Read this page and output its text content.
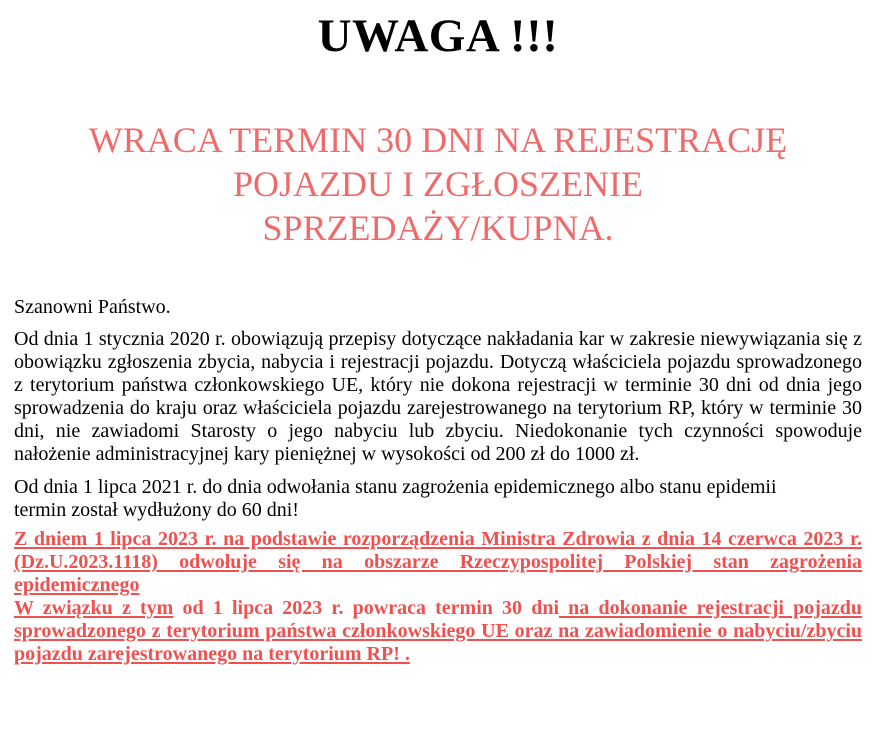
UWAGA !!!
WRACA TERMIN 30 DNI NA REJESTRACJĘ
POJAZDU I ZGŁOSZENIE
SPRZEDAŻY/KUPNA.

Szanowni Państwo.

Od dnia 1 stycznia 2020 r. obowiązują przepisy dotyczące nakładania kar w zakresie niewywiązania się z obowiązku zgłoszenia zbycia, nabycia i rejestracji pojazdu. Dotyczą właściciela pojazdu sprowadzonego z terytorium państwa członkowskiego UE, który nie dokona rejestracji w terminie 30 dni od dnia jego sprowadzenia do kraju oraz właściciela pojazdu zarejestrowanego na terytorium RP, który w terminie 30 dni, nie zawiadomi Starosty o jego nabyciu lub zbyciu. Niedokonanie tych czynności spowoduje nałożenie administracyjnej kary pieniężnej w wysokości od 200 zł do 1000 zł.

Od dnia 1 lipca 2021 r. do dnia odwołania stanu zagrożenia epidemicznego albo stanu epidemii termin został wydłużony do 60 dni!

Z dniem 1 lipca 2023 r. na podstawie rozporządzenia Ministra Zdrowia z dnia 14 czerwca 2023 r. (Dz.U.2023.1118) odwołuje się na obszarze Rzeczypospolitej Polskiej stan zagrożenia epidemicznego
W związku z tym od 1 lipca 2023 r. powraca termin 30 dni na dokonanie rejestracji pojazdu sprowadzonego z terytorium państwa członkowskiego UE oraz na zawiadomienie o nabyciu/zbyciu pojazdu zarejestrowanego na terytorium RP! .
